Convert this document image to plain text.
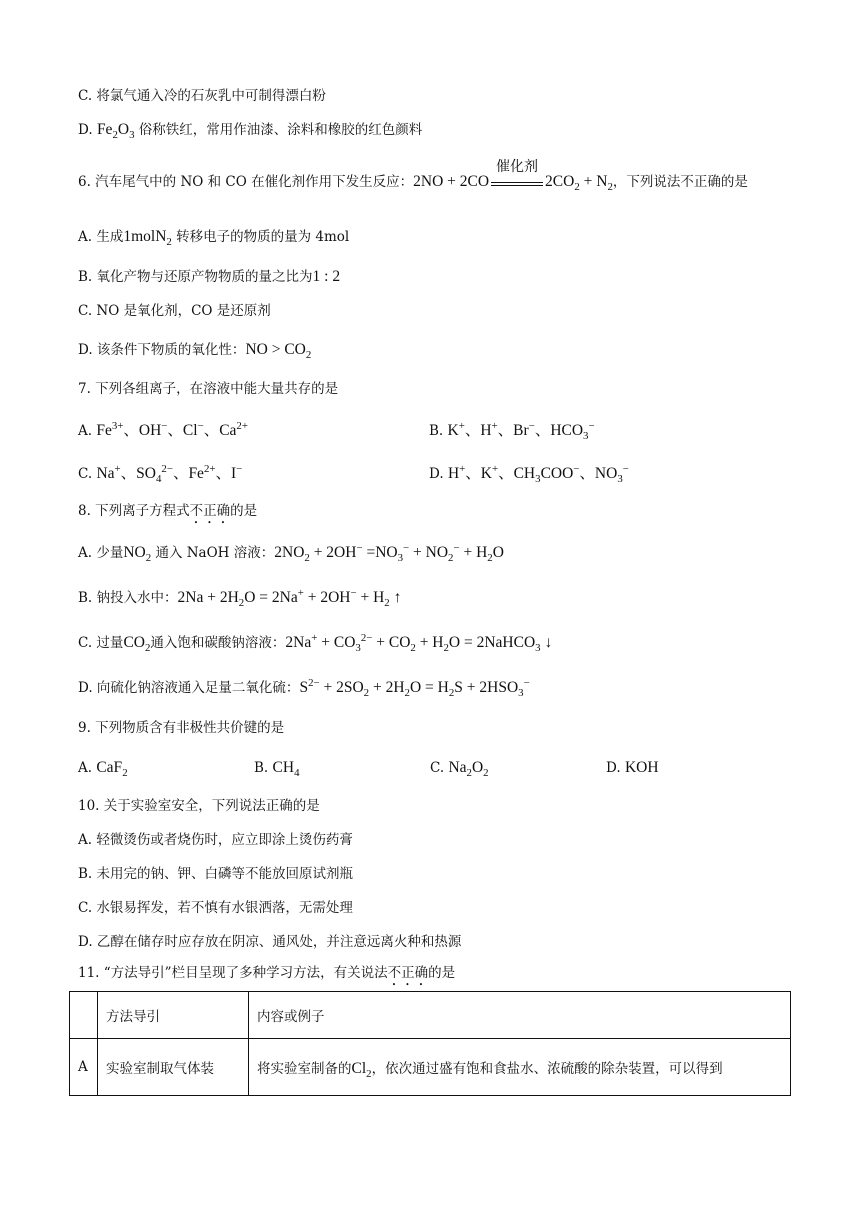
C. 将氯气通入冷的石灰乳中可制得漂白粉
D. $Fe_2O_3$ 俗称铁红，常用作油漆、涂料和橡胶的红色颜料
6. 汽车尾气中的 NO 和 CO 在催化剂作用下发生反应：2NO + 2CO
催化剂
$2CO_2 + N_2$，下列说法不正确的是
A. 生成1molN$_2$ 转移电子的物质的量为 4mol
B. 氧化产物与还原产物物质的量之比为1 : 2
C. NO 是氧化剂，CO 是还原剂
D. 该条件下物质的氧化性：NO > $CO_2$
7. 下列各组离子，在溶液中能大量共存的是
A. $Fe^{3+}$、OH−、Cl−、$Ca^{2+}$	B. K+、H+、Br−、$HCO_3^-$
C. Na+、$SO_4^{2-}$、$Fe^{2+}$、I−	D. H+、K+、$CH_3COO^-$、$NO_3^-$
8. 下列离子方程式不正确的是
A. 少量$NO_2$ 通入 NaOH 溶液：$2NO_2 + 2OH^- =NO_3^- + NO_2^- + H_2O$
B. 钠投入水中：$2Na + 2H_2O = 2Na^+ + 2OH^- + H_2$ ↑
C. 过量$CO_2$通入饱和碳酸钠溶液：$2Na^+ + CO_3^{2-} + CO_2 + H_2O$ = 2NaHCO$_3$ ↓
D. 向硫化钠溶液通入足量二氧化硫：$S^{2-} + 2SO_2 + 2H_2O = H_2S + 2HSO_3^-$
9. 下列物质含有非极性共价键的是
A. CaF$_2$	B. $CH_4$	C. $Na_2O_2$	D. KOH
10. 关于实验室安全，下列说法正确的是
A. 轻微烫伤或者烧伤时，应立即涂上烫伤药膏
B. 未用完的钠、钾、白磷等不能放回原试剂瓶
C. 水银易挥发，若不慎有水银洒落，无需处理
D. 乙醇在储存时应存放在阴凉、通风处，并注意远离火种和热源
11. “方法导引”栏目呈现了多种学习方法，有关说法不正确的是
	方法导引	内容或例子
A	实验室制取气体装	将实验室制备的$Cl_2$，依次通过盛有饱和食盐水、浓硫酸的除杂装置，可以得到
